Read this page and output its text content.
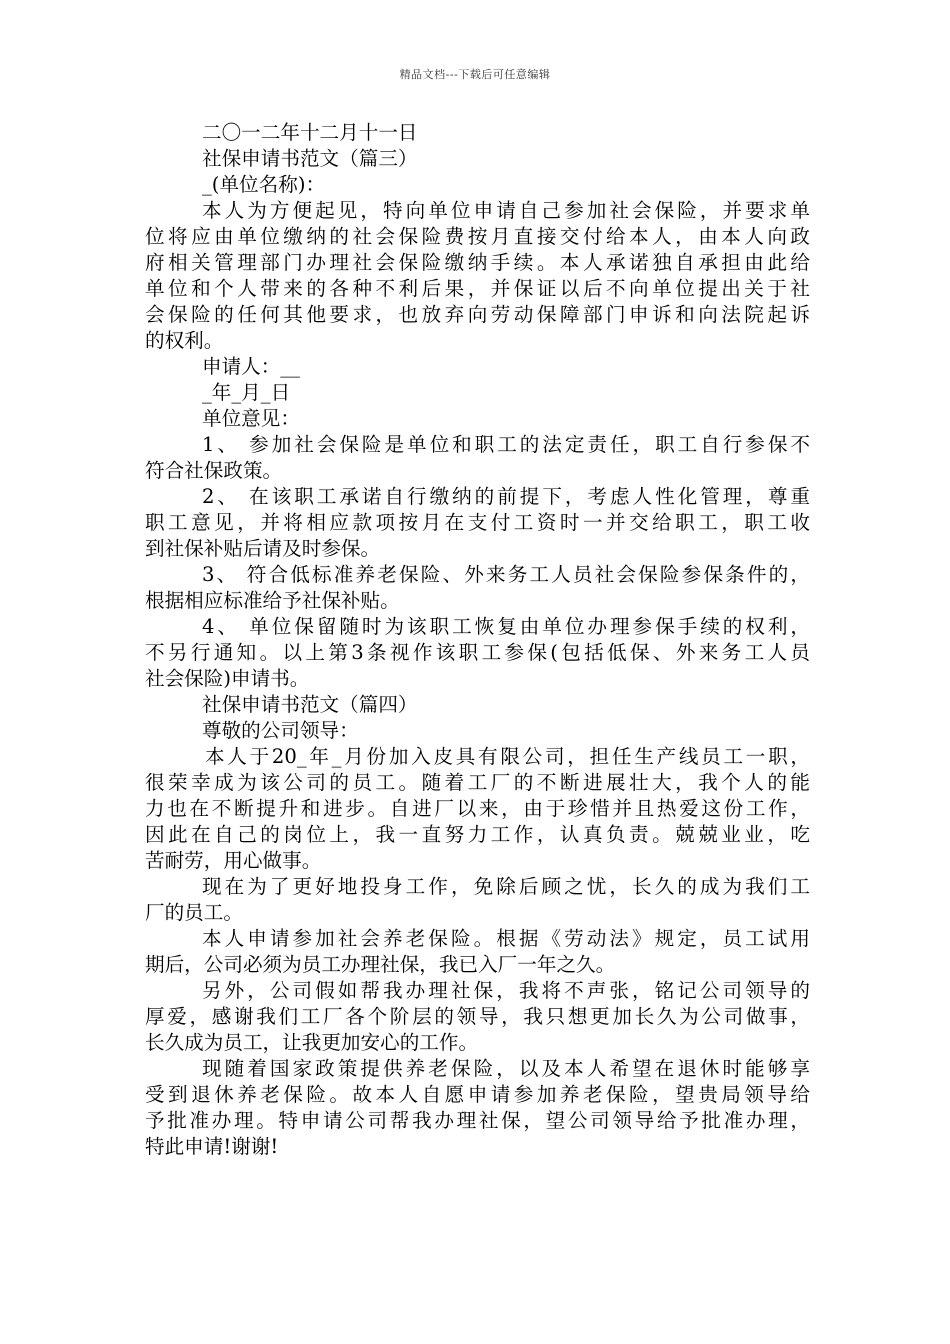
精品文档---下载后可任意编辑
二〇一二年十二月十一日
社保申请书范文（篇三）
_(单位名称)：
本人为方便起见，特向单位申请自己参加社会保险，并要求单
位将应由单位缴纳的社会保险费按月直接交付给本人，由本人向政
府相关管理部门办理社会保险缴纳手续。本人承诺独自承担由此给
单位和个人带来的各种不利后果，并保证以后不向单位提出关于社
会保险的任何其他要求，也放弃向劳动保障部门申诉和向法院起诉
的权利。
申请人：__
_年_月_日
单位意见：
1、 参加社会保险是单位和职工的法定责任，职工自行参保不
符合社保政策。
2、 在该职工承诺自行缴纳的前提下，考虑人性化管理，尊重
职工意见，并将相应款项按月在支付工资时一并交给职工，职工收
到社保补贴后请及时参保。
3、 符合低标准养老保险、外来务工人员社会保险参保条件的，
根据相应标准给予社保补贴。
4、 单位保留随时为该职工恢复由单位办理参保手续的权利，
不另行通知。以上第3条视作该职工参保(包括低保、外来务工人员
社会保险)申请书。
社保申请书范文（篇四）
尊敬的公司领导：
本人于20_年_月份加入皮具有限公司，担任生产线员工一职，
很荣幸成为该公司的员工。随着工厂的不断进展壮大，我个人的能
力也在不断提升和进步。自进厂以来，由于珍惜并且热爱这份工作，
因此在自己的岗位上，我一直努力工作，认真负责。兢兢业业，吃
苦耐劳，用心做事。
现在为了更好地投身工作，免除后顾之忧，长久的成为我们工
厂的员工。
本人申请参加社会养老保险。根据《劳动法》规定，员工试用
期后，公司必须为员工办理社保，我已入厂一年之久。
另外，公司假如帮我办理社保，我将不声张，铭记公司领导的
厚爱，感谢我们工厂各个阶层的领导，我只想更加长久为公司做事，
长久成为员工，让我更加安心的工作。
现随着国家政策提供养老保险，以及本人希望在退休时能够享
受到退休养老保险。故本人自愿申请参加养老保险，望贵局领导给
予批准办理。特申请公司帮我办理社保，望公司领导给予批准办理，
特此申请!谢谢!
